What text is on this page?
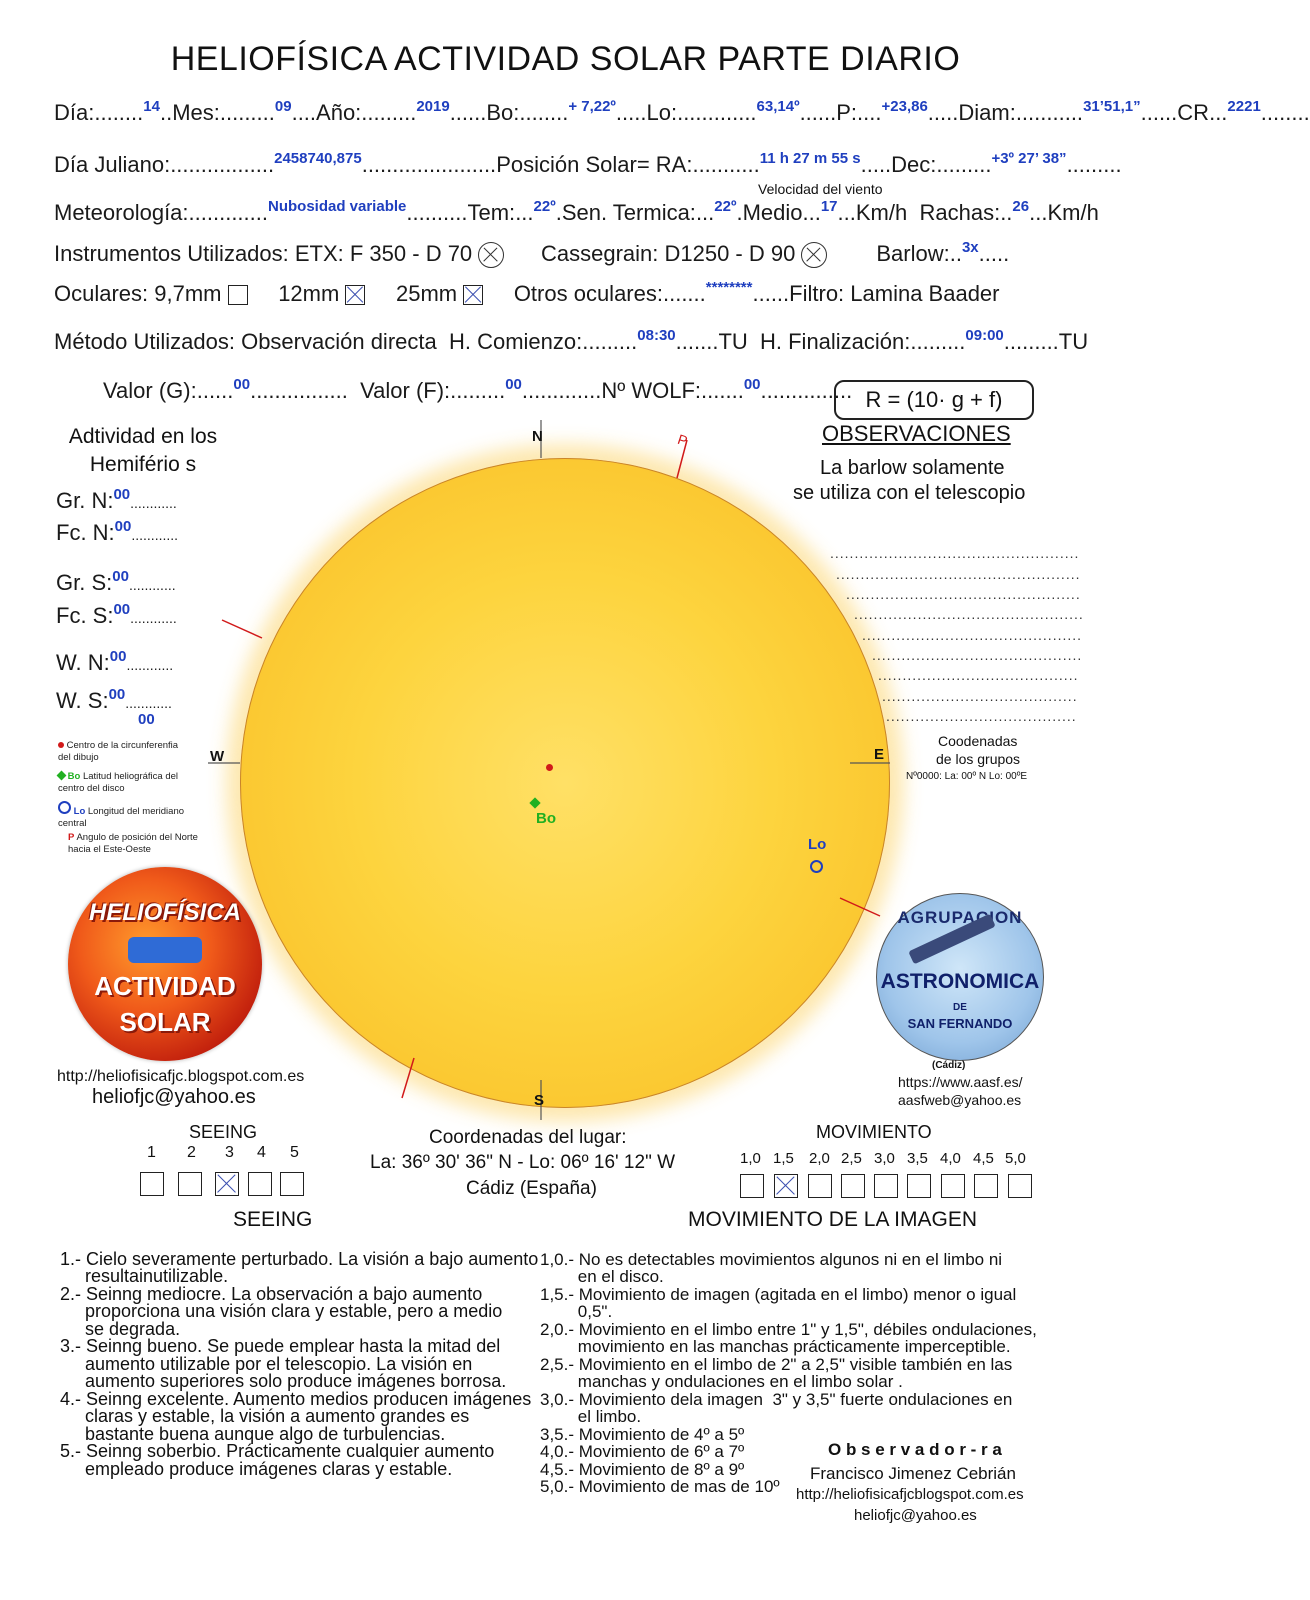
HELIOFÍSICA ACTIVIDAD SOLAR PARTE DIARIO
Día:........$^{14}$..Mes:.........$^{09}$....Año:.........$^{2019}$......Bo:........$^{+ 7,22º}$.....Lo:.............$^{63,14º}$......P:....$^{+23,86}$.....Diam:...........$^{31’51,1”}$......CR...$^{2221}$........
Día Juliano:.................$^{2458740,875}$......................Posición Solar= RA:...........$^{11 h 27 m 55 s}$.....Dec:.........$^{+3º 27’ 38”}$.........
Velocidad del viento
Meteorología:.............$^{Nubosidad variable}$..........Tem:...$^{22º}$.Sen. Termica:...$^{22º}$.Medio...$^{17}$...Km/h Rachas:..$^{26}$...Km/h
Instrumentos Utilizados: ETX: F 350 - D 70	Cassegrain: D1250 - D 90	Barlow:..$^{3x}$.....
Oculares: 9,7mm	12mm	25mm	Otros oculares:.......********......Filtro: Lamina Baader
Método Utilizados: Observación directa H. Comienzo:.........$^{08:30}$.......TU H. Finalización:.........$^{09:00}$.........TU
Valor (G):......$^{00}$................  Valor (F):.........$^{00}$.............Nº WOLF:.......$^{00}$............... R = (10· g + f)
Adtividad en los
Hemifério s
Gr. N:$^{00}$............
Fc. N:$^{00}$............
Gr. S:$^{00}$............
Fc. S:$^{00}$............
W. N:$^{00}$............
W. S:$^{00}$............
00
Centro de la circunferenfia del dibujo
Bo Latitud heliográfica del centro del disco
Lo Longitud del meridiano central
P Angulo de posición del Norte hacia el Este-Oeste
N
S
W	E
P
Bo
Lo
OBSERVACIONES
La barlow solamente
se utiliza con el telescopio
...................................................
..................................................
................................................
...............................................
.............................................
...........................................
.........................................
........................................
.......................................
Coodenadas
de los grupos
Nº0000: La: 00º N Lo: 00ºE
HELIOFÍSICA
ACTIVIDAD
SOLAR
http://heliofisicafjc.blogspot.com.es
heliofjc@yahoo.es
AGRUPACION
ASTRONOMICA
DE
SAN FERNANDO
(Cádiz)
https://www.aasf.es/
aasfweb@yahoo.es
SEEING
1 2 3 4 5
Coordenadas del lugar:
La: 36º 30' 36" N - Lo: 06º 16' 12" W
Cádiz (España)
MOVIMIENTO
1,0 1,5 2,0 2,5 3,0 3,5 4,0 4,5 5,0
SEEING

1.- Cielo severamente perturbado. La visión a bajo aumento
resultainutilizable.
2.- Seinng mediocre. La observación a bajo aumento
proporciona una visión clara y estable, pero a medio
se degrada.
3.- Seinng bueno. Se puede emplear hasta la mitad del
aumento utilizable por el telescopio. La visión en
aumento superiores solo produce imágenes borrosa.
4.- Seinng excelente. Aumento medios producen imágenes
claras y estable, la visión a aumento grandes es
bastante buena aunque algo de turbulencias.
5.- Seinng soberbio. Prácticamente cualquier aumento
empleado produce imágenes claras y estable.

MOVIMIENTO DE LA IMAGEN

1,0.- No es detectables movimientos algunos ni en el limbo ni
en el disco.
1,5.- Movimiento de imagen (agitada en el limbo) menor o igual
0,5".
2,0.- Movimiento en el limbo entre 1" y 1,5", débiles ondulaciones,
movimiento en las manchas prácticamente imperceptible.
2,5.- Movimiento en el limbo de 2" a 2,5" visible también en las
manchas y ondulaciones en el limbo solar .
3,0.- Movimiento dela imagen  3" y 3,5" fuerte ondulaciones en
el limbo.
3,5.- Movimiento de 4º a 5º
4,0.- Movimiento de 6º a 7º
4,5.- Movimiento de 8º a 9º
5,0.- Movimiento de mas de 10º

O b s e r v a d o r - r a
Francisco Jimenez Cebrián
http://heliofisicafjcblogspot.com.es
heliofjc@yahoo.es
